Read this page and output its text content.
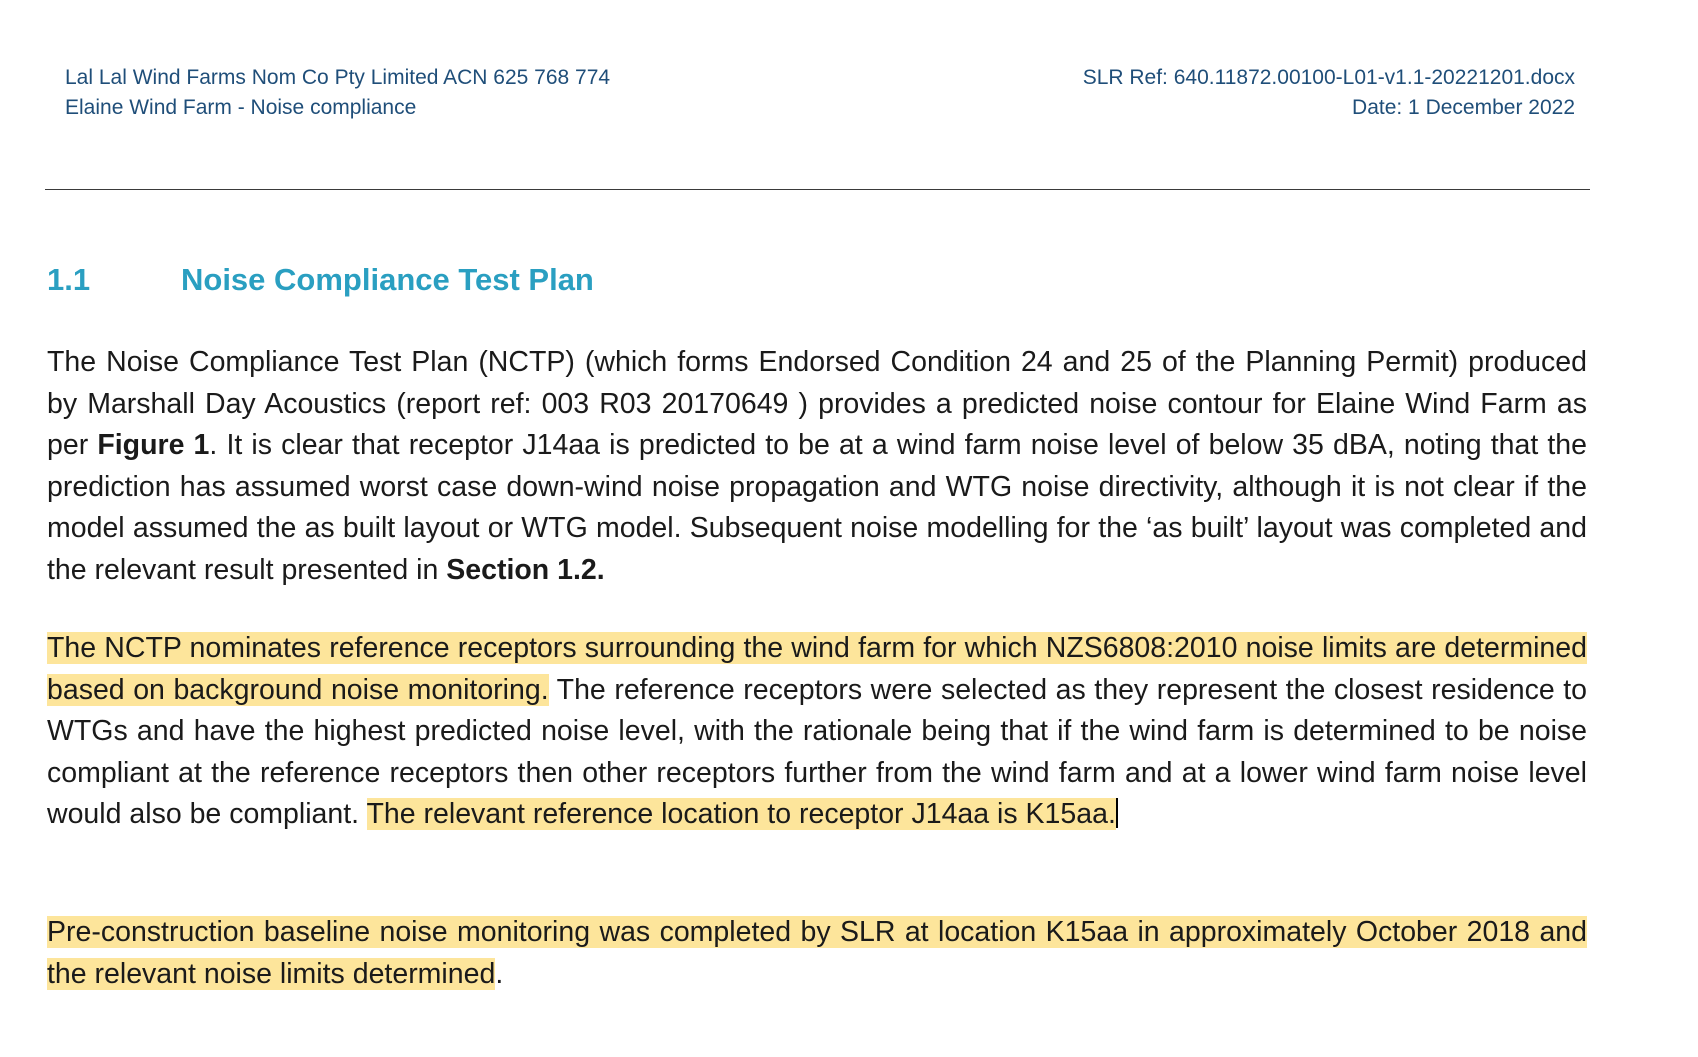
Lal Lal Wind Farms Nom Co Pty Limited ACN 625 768 774
Elaine Wind Farm - Noise compliance
SLR Ref: 640.11872.00100-L01-v1.1-20221201.docx
Date: 1 December 2022
1.1	Noise Compliance Test Plan
The Noise Compliance Test Plan (NCTP) (which forms Endorsed Condition 24 and 25 of the Planning Permit) produced by Marshall Day Acoustics (report ref: 003 R03 20170649 ) provides a predicted noise contour for Elaine Wind Farm as per Figure 1. It is clear that receptor J14aa is predicted to be at a wind farm noise level of below 35 dBA, noting that the prediction has assumed worst case down-wind noise propagation and WTG noise directivity, although it is not clear if the model assumed the as built layout or WTG model. Subsequent noise modelling for the ‘as built’ layout was completed and the relevant result presented in Section 1.2.
The NCTP nominates reference receptors surrounding the wind farm for which NZS6808:2010 noise limits are determined based on background noise monitoring. The reference receptors were selected as they represent the closest residence to WTGs and have the highest predicted noise level, with the rationale being that if the wind farm is determined to be noise compliant at the reference receptors then other receptors further from the wind farm and at a lower wind farm noise level would also be compliant. The relevant reference location to receptor J14aa is K15aa.
Pre-construction baseline noise monitoring was completed by SLR at location K15aa in approximately October 2018 and the relevant noise limits determined.
